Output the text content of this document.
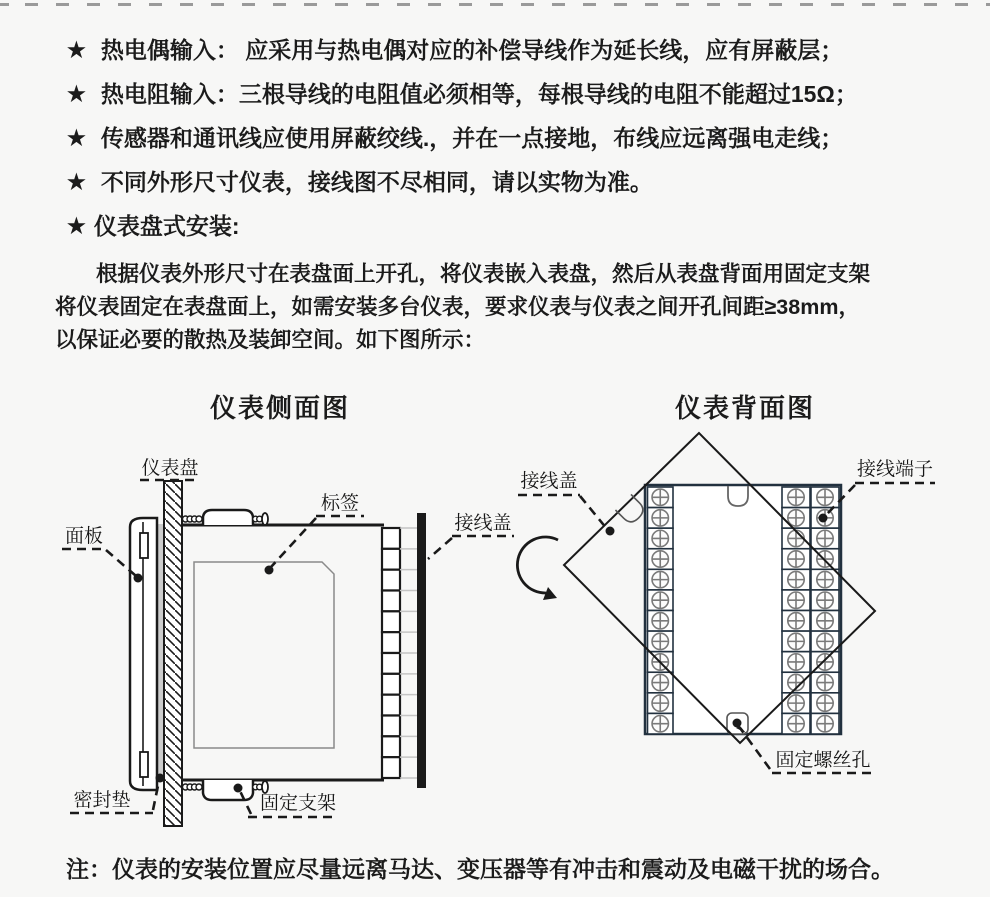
★ 热电偶输入： 应采用与热电偶对应的补偿导线作为延长线，应有屏蔽层；
★ 热电阻输入：三根导线的电阻值必须相等，每根导线的电阻不能超过15Ω；
★ 传感器和通讯线应使用屏蔽绞线.，并在一点接地，布线应远离强电走线；
★ 不同外形尺寸仪表，接线图不尽相同，请以实物为准。
★ 仪表盘式安装:
根据仪表外形尺寸在表盘面上开孔，将仪表嵌入表盘，然后从表盘背面用固定支架
将仪表固定在表盘面上，如需安装多台仪表，要求仪表与仪表之间开孔间距≥38mm，
以保证必要的散热及装卸空间。如下图所示：
仪表侧面图	仪表背面图
仪表盘
面板
标签
接线盖
密封垫	固定支架
接线盖
接线端子
固定螺丝孔
注：仪表的安装位置应尽量远离马达、变压器等有冲击和震动及电磁干扰的场合。
